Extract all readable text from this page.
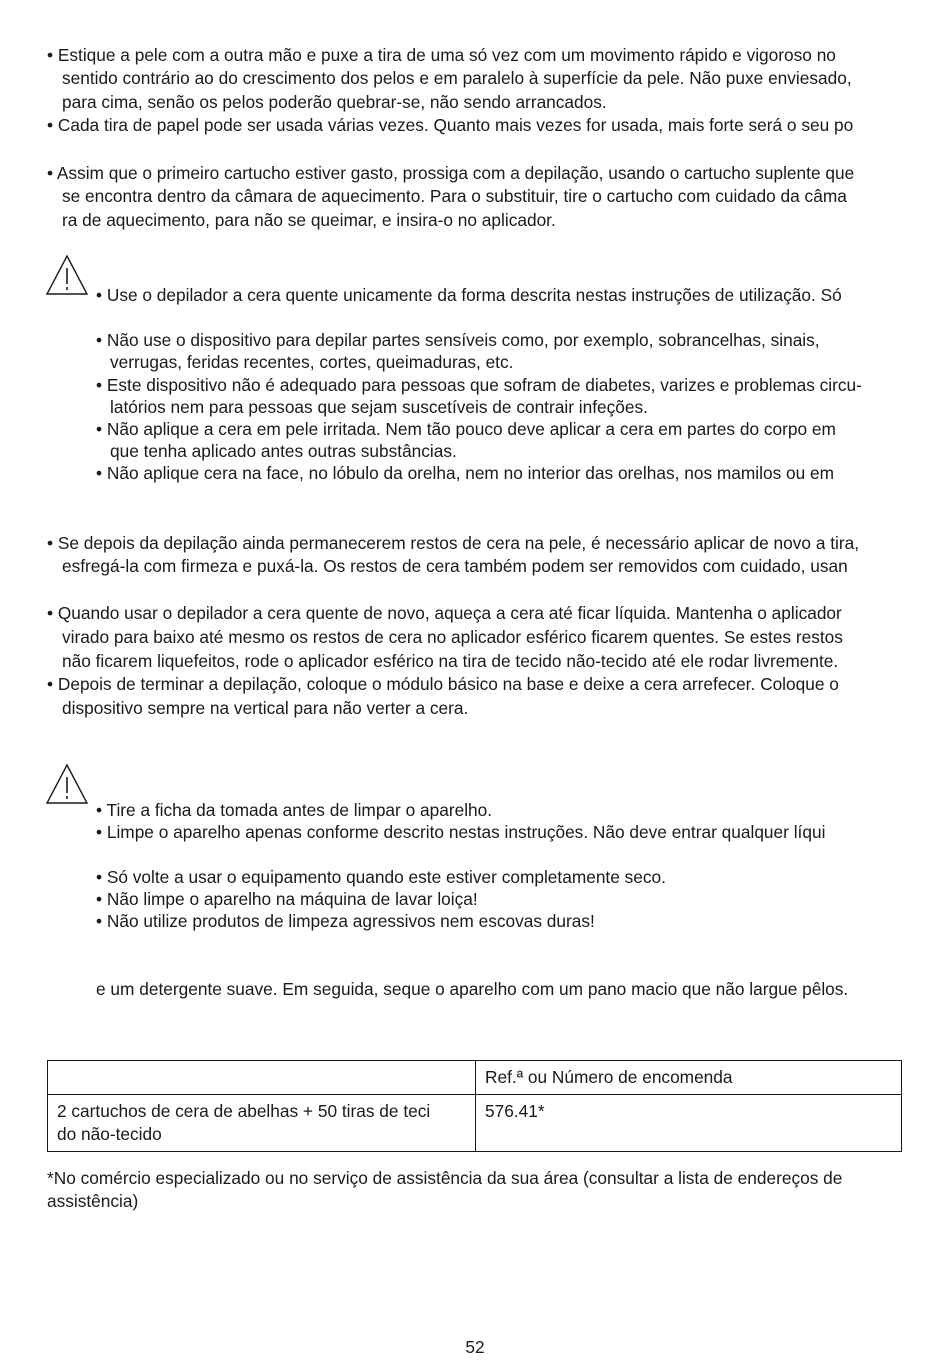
• Estique a pele com a outra mão e puxe a tira de uma só vez com um movimento rápido e vigoroso no
sentido contrário ao do crescimento dos pelos e em paralelo à superfície da pele. Não puxe enviesado,
para cima, senão os pelos poderão quebrar-se, não sendo arrancados.
• Cada tira de papel pode ser usada várias vezes. Quanto mais vezes for usada, mais forte será o seu po
• Assim que o primeiro cartucho estiver gasto, prossiga com a depilação, usando o cartucho suplente que
se encontra dentro da câmara de aquecimento. Para o substituir, tire o cartucho com cuidado da câma
ra de aquecimento, para não se queimar, e insira-o no aplicador.
• Use o depilador a cera quente unicamente da forma descrita nestas instruções de utilização. Só
• Não use o dispositivo para depilar partes sensíveis como, por exemplo, sobrancelhas, sinais,
verrugas, feridas recentes, cortes, queimaduras, etc.
• Este dispositivo não é adequado para pessoas que sofram de diabetes, varizes e problemas circu-
latórios nem para pessoas que sejam suscetíveis de contrair infeções.
• Não aplique a cera em pele irritada. Nem tão pouco deve aplicar a cera em partes do corpo em
que tenha aplicado antes outras substâncias.
• Não aplique cera na face, no lóbulo da orelha, nem no interior das orelhas, nos mamilos ou em
• Se depois da depilação ainda permanecerem restos de cera na pele, é necessário aplicar de novo a tira,
esfregá-la com firmeza e puxá-la. Os restos de cera também podem ser removidos com cuidado, usan
• Quando usar o depilador a cera quente de novo, aqueça a cera até ficar líquida. Mantenha o aplicador
virado para baixo até mesmo os restos de cera no aplicador esférico ficarem quentes. Se estes restos
não ficarem liquefeitos, rode o aplicador esférico na tira de tecido não-tecido até ele rodar livremente.
• Depois de terminar a depilação, coloque o módulo básico na base e deixe a cera arrefecer. Coloque o
dispositivo sempre na vertical para não verter a cera.
• Tire a ficha da tomada antes de limpar o aparelho.
• Limpe o aparelho apenas conforme descrito nestas instruções. Não deve entrar qualquer líqui
• Só volte a usar o equipamento quando este estiver completamente seco.
• Não limpe o aparelho na máquina de lavar loiça!
• Não utilize produtos de limpeza agressivos nem escovas duras!
e um detergente suave. Em seguida, seque o aparelho com um pano macio que não largue pêlos.
	Ref.ª ou Número de encomenda

2 cartuchos de cera de abelhas + 50 tiras de teci
do não-tecido	576.41*
*No comércio especializado ou no serviço de assistência da sua área (consultar a lista de endereços de
assistência)
52
